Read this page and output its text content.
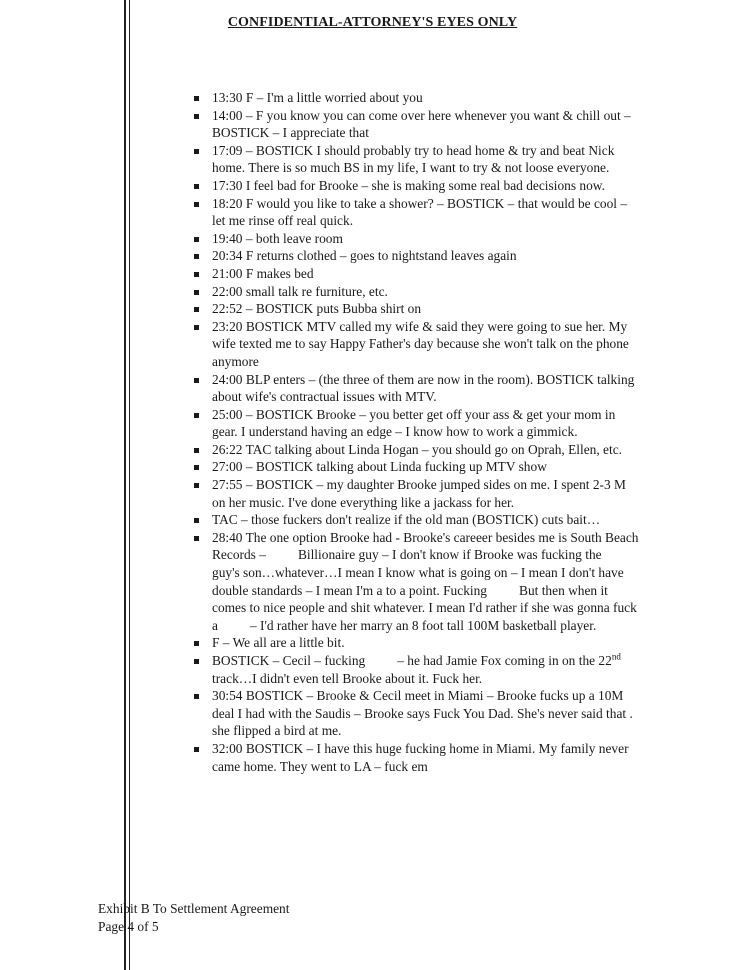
CONFIDENTIAL-ATTORNEY'S EYES ONLY
13:30 F – I'm a little worried about you
14:00 – F you know you can come over here whenever you want & chill out – BOSTICK – I appreciate that
17:09 – BOSTICK I should probably try to head home & try and beat Nick home. There is so much BS in my life, I want to try & not loose everyone.
17:30 I feel bad for Brooke – she is making some real bad decisions now.
18:20 F would you like to take a shower? – BOSTICK – that would be cool – let me rinse off real quick.
19:40 – both leave room
20:34 F returns clothed – goes to nightstand leaves again
21:00 F makes bed
22:00 small talk re furniture, etc.
22:52 – BOSTICK puts Bubba shirt on
23:20 BOSTICK MTV called my wife & said they were going to sue her. My wife texted me to say Happy Father's day because she won't talk on the phone anymore
24:00 BLP enters – (the three of them are now in the room). BOSTICK talking about wife's contractual issues with MTV.
25:00 – BOSTICK Brooke – you better get off your ass & get your mom in gear. I understand having an edge – I know how to work a gimmick.
26:22 TAC talking about Linda Hogan – you should go on Oprah, Ellen, etc.
27:00 – BOSTICK talking about Linda fucking up MTV show
27:55 – BOSTICK – my daughter Brooke jumped sides on me. I spent 2-3 M on her music. I've done everything like a jackass for her.
TAC – those fuckers don't realize if the old man (BOSTICK) cuts bait…
28:40 The one option Brooke had - Brooke's careeer besides me is South Beach Records – Billionaire guy – I don't know if Brooke was fucking theguy's son…whatever…I mean I know what is going on – I mean I don't have double standards – I mean I'm a to a point. Fucking But then when it comes to nice people and shit whatever. I mean I'd rather if she was gonna fuck a – I'd rather have her marry an 8 foot tall 100M basketball player.
F – We all are a little bit.
BOSTICK – Cecil – fucking – he had Jamie Fox coming in on the 22nd track…I didn't even tell Brooke about it. Fuck her.
30:54 BOSTICK – Brooke & Cecil meet in Miami – Brooke fucks up a 10M deal I had with the Saudis – Brooke says Fuck You Dad. She's never said that . she flipped a bird at me.
32:00 BOSTICK – I have this huge fucking home in Miami. My family never came home. They went to LA – fuck em
Exhibit B To Settlement Agreement
Page 4 of 5
